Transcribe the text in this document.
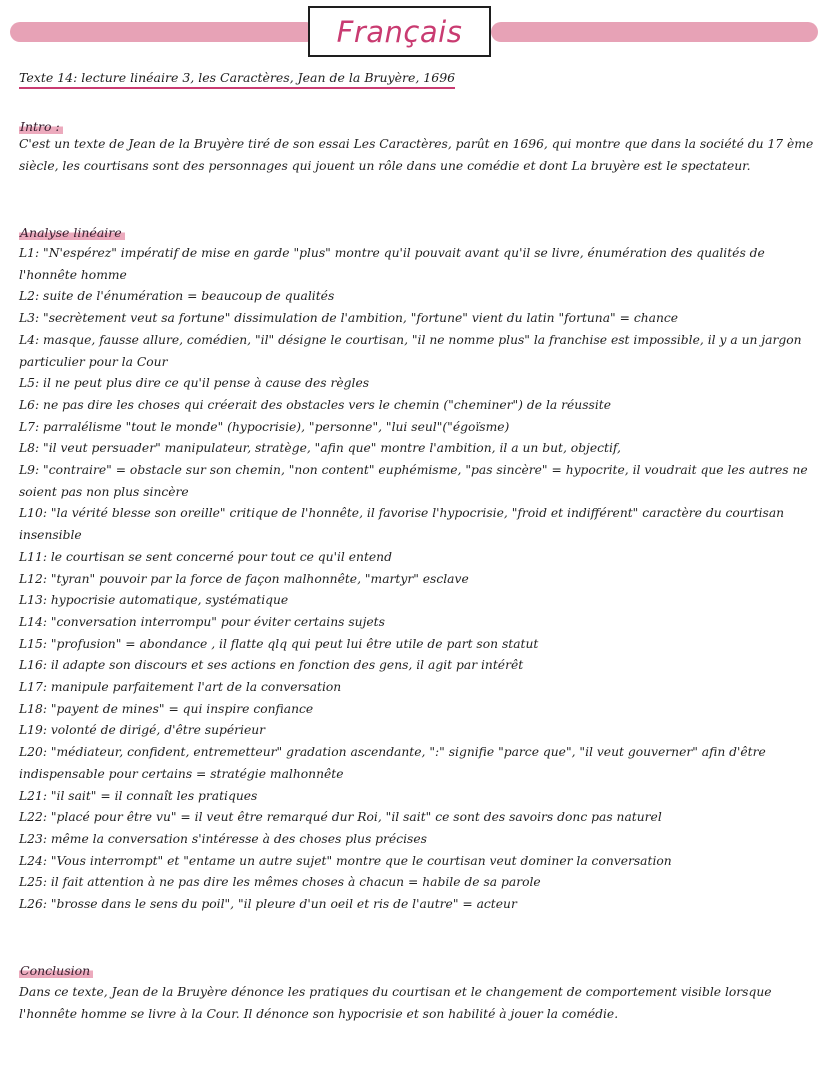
Français
Texte 14: lecture linéaire 3, les Caractères, Jean de la Bruyère, 1696
Intro :
C'est un texte de Jean de la Bruyère tiré de son essai Les Caractères, parût en 1696, qui montre que dans la société du 17 ème siècle, les courtisans sont des personnages qui jouent un rôle dans une comédie et dont La bruyère est le spectateur.
Analyse linéaire
L1: "N'espérez" impératif de mise en garde "plus" montre qu'il pouvait avant qu'il se livre, énumération des qualités de l'honnête homme
L2: suite de l'énumération = beaucoup de qualités
L3: "secrètement veut sa fortune" dissimulation de l'ambition, "fortune" vient du latin "fortuna" = chance
L4: masque, fausse allure, comédien, "il" désigne le courtisan, "il ne nomme plus" la franchise est impossible, il y a un jargon particulier pour la Cour
L5: il ne peut plus dire ce qu'il pense à cause des règles
L6: ne pas dire les choses qui créerait des obstacles vers le chemin ("cheminer") de la réussite
L7: parralélisme "tout le monde" (hypocrisie), "personne", "lui seul"("égoïsme)
L8: "il veut persuader" manipulateur, stratège, "afin que" montre l'ambition, il a un but, objectif,
L9: "contraire" = obstacle sur son chemin, "non content" euphémisme, "pas sincère" = hypocrite, il voudrait que les autres ne soient pas non plus sincère
L10: "la vérité blesse son oreille" critique de l'honnête, il favorise l'hypocrisie, "froid et indifférent" caractère du courtisan insensible
L11: le courtisan se sent concerné pour tout ce qu'il entend
L12: "tyran" pouvoir par la force de façon malhonnête, "martyr" esclave
L13: hypocrisie automatique, systématique
L14: "conversation interrompu" pour éviter certains sujets
L15: "profusion" = abondance , il flatte qlq qui peut lui être utile de part son statut
L16: il adapte son discours et ses actions en fonction des gens, il agit par intérêt
L17: manipule parfaitement l'art de la conversation
L18: "payent de mines" = qui inspire confiance
L19: volonté de dirigé, d'être supérieur
L20: "médiateur, confident, entremetteur" gradation ascendante, ":" signifie "parce que", "il veut gouverner" afin d'être indispensable pour certains = stratégie malhonnête
L21: "il sait" = il connaît les pratiques
L22: "placé pour être vu" = il veut être remarqué dur Roi, "il sait" ce sont des savoirs donc pas naturel
L23: même la conversation s'intéresse à des choses plus précises
L24: "Vous interrompt" et "entame un autre sujet" montre que le courtisan veut dominer la conversation
L25: il fait attention à ne pas dire les mêmes choses à chacun = habile de sa parole
L26: "brosse dans le sens du poil", "il pleure d'un oeil et ris de l'autre" = acteur
Conclusion
Dans ce texte, Jean de la Bruyère dénonce les pratiques du courtisan et le changement de comportement visible lorsque l'honnête homme se livre à la Cour. Il dénonce son hypocrisie et son habilité à jouer la comédie.
